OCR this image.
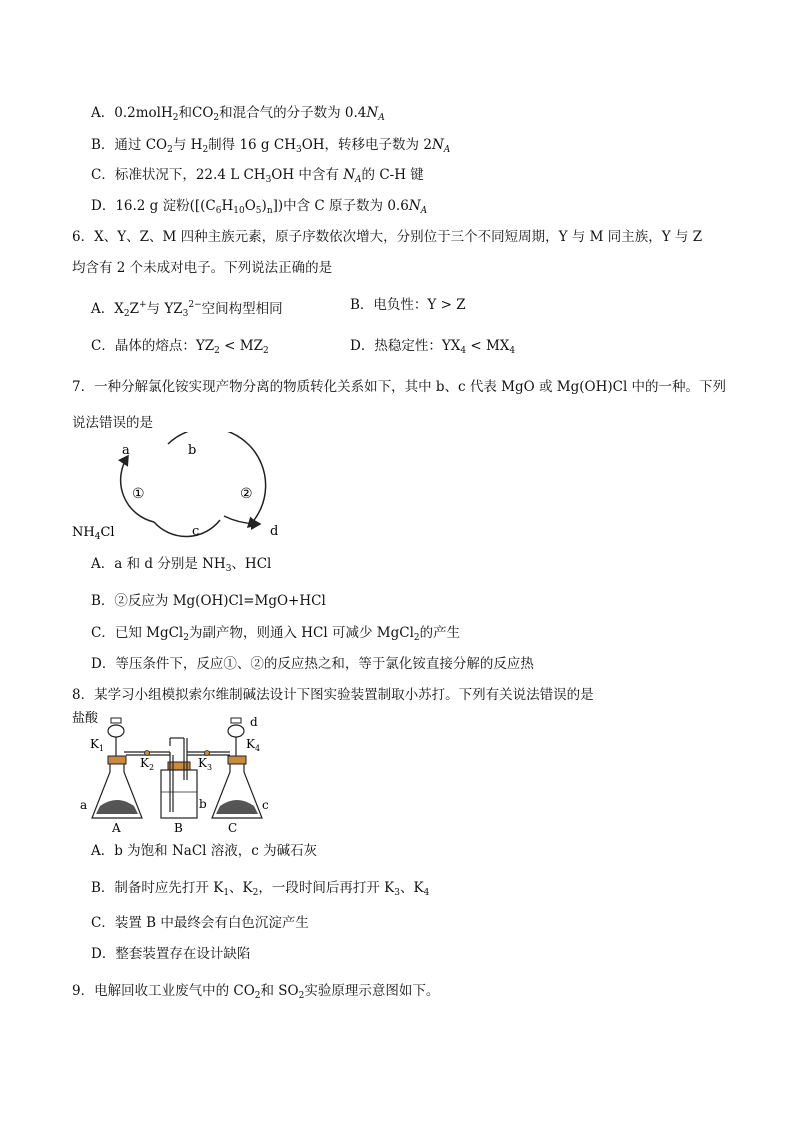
A．0.2molH$_2$和$CO_2$和混合气的分子数为 $0.4N_A$
B．通过 $CO_2$与 $H_2$制得 16 g $CH_3OH$，转移电子数为 $2N_A$
C．标准状况下，22.4 L $CH_3OH$ 中含有 $N_A$的 C-H 键
D．16.2 g 淀粉$([(C_6H_{10}O_5)_n])$中含 C 原子数为 $0.6N_A$
6．X、Y、Z、M 四种主族元素，原子序数依次增大，分别位于三个不同短周期，Y 与 M 同主族，Y 与 Z
均含有 2 个未成对电子。下列说法正确的是
A．$X_2Z^+$与 $YZ_3^{2-}$空间构型相同	B．电负性：Y > Z
C．晶体的熔点：$YZ_2 < MZ_2$	D．热稳定性：$YX_4 < MX_4$
7．一种分解氯化铵实现产物分离的物质转化关系如下，其中 b、c 代表 MgO 或 Mg(OH)Cl 中的一种。下列
说法错误的是
a	b
c	d
①	②
$NH_4Cl$
A．a 和 d 分别是 $NH_3$、HCl
B．②反应为 Mg(OH)Cl=MgO+HCl
C．已知 MgCl$_2$为副产物，则通入 HCl 可减少 MgCl$_2$的产生
D．等压条件下，反应①、②的反应热之和，等于氯化铵直接分解的反应热
8．某学习小组模拟索尔维制碱法设计下图实验装置制取小苏打。下列有关说法错误的是
盐酸
$K_1$
a
A
$K_2$
b
B
$K_3$
d
$K_4$
c
C
A．b 为饱和 NaCl 溶液，c 为碱石灰
B．制备时应先打开 $K_1$、$K_2$，一段时间后再打开 $K_3$、$K_4$
C．装置 B 中最终会有白色沉淀产生
D．整套装置存在设计缺陷
9．电解回收工业废气中的 $CO_2$和 $SO_2$实验原理示意图如下。
